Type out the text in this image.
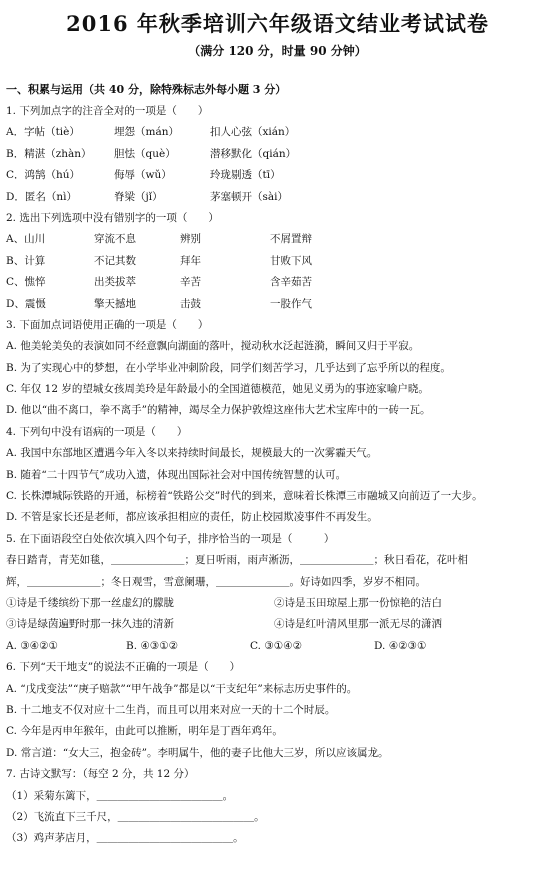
2016 年秋季培训六年级语文结业考试试卷
（满分 120 分，时量 90 分钟）
一、积累与运用（共 40 分，除特殊标志外每小题 3 分）
1. 下列加点字的注音全对的一项是（　　）
A．字帖（tiè）	埋怨（mán）	扣人心弦（xián）
B．精湛（zhàn）	胆怯（què）	潜移默化（qián）
C．鸿鹄（hú）	侮辱（wǔ）	玲珑剔透（tī）
D．匿名（nì）	脊梁（jǐ）	茅塞顿开（sài）
2. 选出下列选项中没有错别字的一项（　　）
A、山川	穿流不息	辨别	不屑置辩
B、计算	不记其数	拜年	甘败下风
C、憔悴	出类拔萃	辛苦	含辛茹苦
D、震慑	擎天撼地	击鼓	一股作气
3. 下面加点词语使用正确的一项是（　　）
A. 他美轮美奂的表演如同不经意飘向湖面的落叶，搅动秋水泛起涟漪，瞬间又归于平寂。
B. 为了实现心中的梦想，在小学毕业冲刺阶段，同学们刻苦学习，几乎达到了忘乎所以的程度。
C. 年仅 12 岁的望城女孩周美玲是年龄最小的全国道德模范，她见义勇为的事迹家喻户晓。
D. 他以“曲不离口，拳不离手”的精神，竭尽全力保护敦煌这座伟大艺术宝库中的一砖一瓦。
4. 下列句中没有语病的一项是（　　）
A. 我国中东部地区遭遇今年入冬以来持续时间最长，规模最大的一次雾霾天气。
B. 随着“二十四节气”成功入遗，体现出国际社会对中国传统智慧的认可。
C. 长株潭城际铁路的开通，标榜着“铁路公交”时代的到来，意味着长株潭三市融城又向前迈了一大步。
D. 不管是家长还是老师，都应该承担相应的责任，防止校园欺凌事件不再发生。
5. 在下面语段空白处依次填入四个句子，排序恰当的一项是（　　　）
春日踏青，青芜如毯，＿＿＿＿＿＿＿；夏日听雨，雨声淅沥，＿＿＿＿＿＿＿；秋日看花，花叶相
辉，＿＿＿＿＿＿＿；冬日观雪，雪意阑珊，＿＿＿＿＿＿＿。好诗如四季，岁岁不相同。
①诗是千缕缤纷下那一丝虚幻的朦胧	②诗是玉田琼屋上那一份惊艳的洁白
③诗是绿茵遍野时那一抹久违的清新	④诗是红叶清风里那一派无尽的潇洒
A. ③④②①	B. ④③①②	C. ③①④②	D. ④②③①
6. 下列“天干地支”的说法不正确的一项是（　　）
A. “戊戌变法”“庚子赔款”“甲午战争”都是以“干支纪年”来标志历史事件的。
B. 十二地支不仅对应十二生肖，而且可以用来对应一天的十二个时辰。
C. 今年是丙申年猴年，由此可以推断，明年是丁酉年鸡年。
D. 常言道：“女大三，抱金砖”。李明属牛，他的妻子比他大三岁，所以应该属龙。
7. 古诗文默写：（每空 2 分，共 12 分）
（1）采菊东篱下，＿＿＿＿＿＿＿＿＿＿＿＿。
（2）飞流直下三千尺，＿＿＿＿＿＿＿＿＿＿＿＿＿。
（3）鸡声茅店月，＿＿＿＿＿＿＿＿＿＿＿＿＿。
